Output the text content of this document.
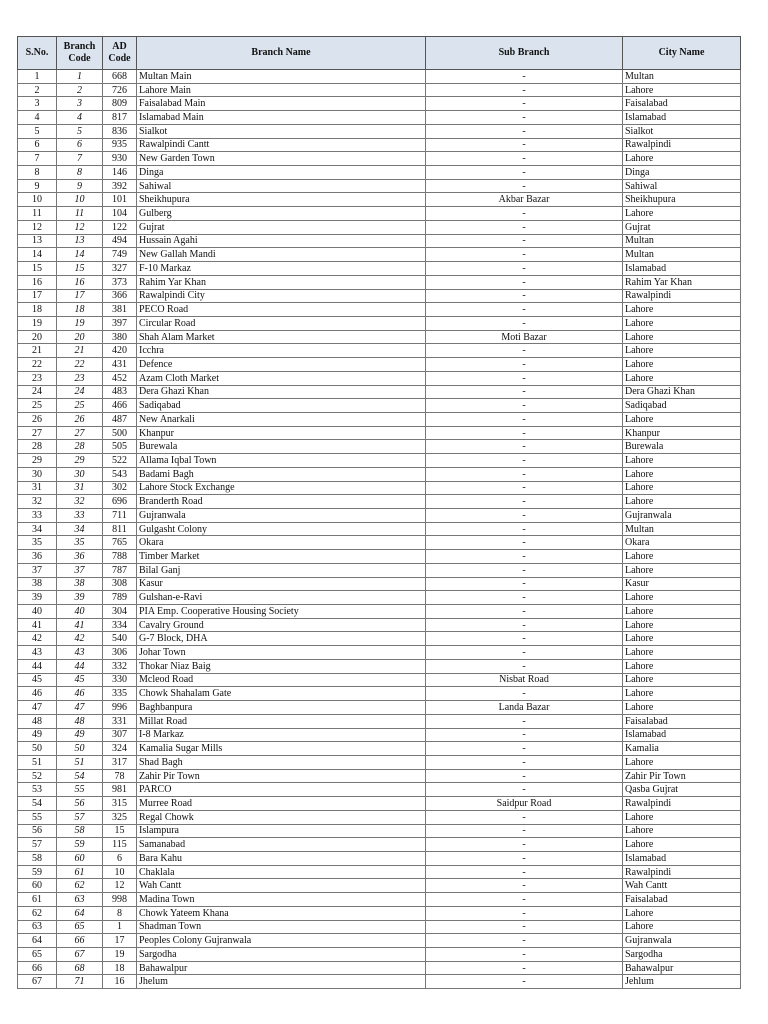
S.No.	Branch Code	AD Code	Branch Name	Sub Branch	City Name
1	1	668	Multan Main	-	Multan
2	2	726	Lahore Main	-	Lahore
3	3	809	Faisalabad Main	-	Faisalabad
4	4	817	Islamabad Main	-	Islamabad
5	5	836	Sialkot	-	Sialkot
6	6	935	Rawalpindi Cantt	-	Rawalpindi
7	7	930	New Garden Town	-	Lahore
8	8	146	Dinga	-	Dinga
9	9	392	Sahiwal	-	Sahiwal
10	10	101	Sheikhupura	Akbar Bazar	Sheikhupura
11	11	104	Gulberg	-	Lahore
12	12	122	Gujrat	-	Gujrat
13	13	494	Hussain Agahi	-	Multan
14	14	749	New Gallah Mandi	-	Multan
15	15	327	F-10 Markaz	-	Islamabad
16	16	373	Rahim Yar Khan	-	Rahim Yar Khan
17	17	366	Rawalpindi City	-	Rawalpindi
18	18	381	PECO Road	-	Lahore
19	19	397	Circular Road	-	Lahore
20	20	380	Shah Alam Market	Moti Bazar	Lahore
21	21	420	Icchra	-	Lahore
22	22	431	Defence	-	Lahore
23	23	452	Azam Cloth Market	-	Lahore
24	24	483	Dera Ghazi Khan	-	Dera Ghazi Khan
25	25	466	Sadiqabad	-	Sadiqabad
26	26	487	New Anarkali	-	Lahore
27	27	500	Khanpur	-	Khanpur
28	28	505	Burewala	-	Burewala
29	29	522	Allama Iqbal Town	-	Lahore
30	30	543	Badami Bagh	-	Lahore
31	31	302	Lahore Stock Exchange	-	Lahore
32	32	696	Branderth Road	-	Lahore
33	33	711	Gujranwala	-	Gujranwala
34	34	811	Gulgasht Colony	-	Multan
35	35	765	Okara	-	Okara
36	36	788	Timber Market	-	Lahore
37	37	787	Bilal Ganj	-	Lahore
38	38	308	Kasur	-	Kasur
39	39	789	Gulshan-e-Ravi	-	Lahore
40	40	304	PIA Emp. Cooperative Housing Society	-	Lahore
41	41	334	Cavalry Ground	-	Lahore
42	42	540	G-7 Block, DHA	-	Lahore
43	43	306	Johar Town	-	Lahore
44	44	332	Thokar Niaz Baig	-	Lahore
45	45	330	Mcleod Road	Nisbat Road	Lahore
46	46	335	Chowk Shahalam Gate	-	Lahore
47	47	996	Baghbanpura	Landa Bazar	Lahore
48	48	331	Millat Road	-	Faisalabad
49	49	307	I-8 Markaz	-	Islamabad
50	50	324	Kamalia Sugar Mills	-	Kamalia
51	51	317	Shad Bagh	-	Lahore
52	54	78	Zahir Pir Town	-	Zahir Pir Town
53	55	981	PARCO	-	Qasba Gujrat
54	56	315	Murree Road	Saidpur Road	Rawalpindi
55	57	325	Regal Chowk	-	Lahore
56	58	15	Islampura	-	Lahore
57	59	115	Samanabad	-	Lahore
58	60	6	Bara Kahu	-	Islamabad
59	61	10	Chaklala	-	Rawalpindi
60	62	12	Wah Cantt	-	Wah Cantt
61	63	998	Madina Town	-	Faisalabad
62	64	8	Chowk Yateem Khana	-	Lahore
63	65	1	Shadman Town	-	Lahore
64	66	17	Peoples Colony Gujranwala	-	Gujranwala
65	67	19	Sargodha	-	Sargodha
66	68	18	Bahawalpur	-	Bahawalpur
67	71	16	Jhelum	-	Jehlum
